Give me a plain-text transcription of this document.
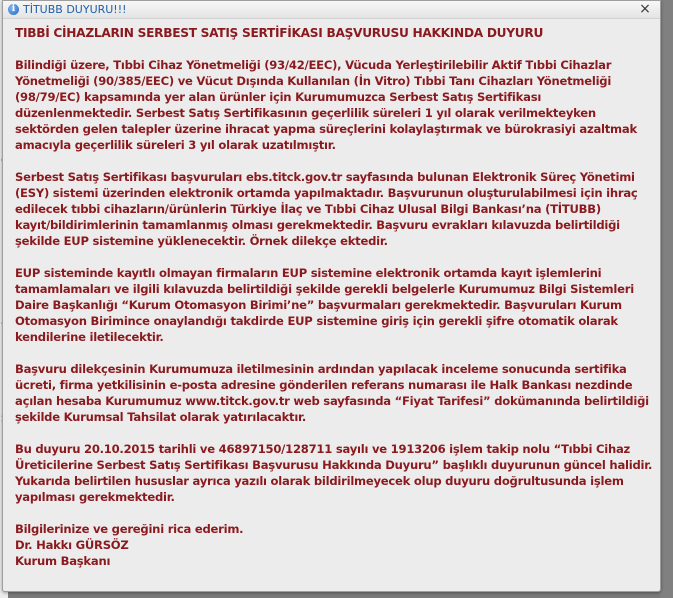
i TİTUBB DUYURU!!!	×

TIBBİ CİHAZLARIN SERBEST SATIŞ SERTİFİKASI BAŞVURUSU HAKKINDA DUYURU

Bilindiği üzere, Tıbbi Cihaz Yönetmeliği (93/42/EEC), Vücuda Yerleştirilebilir Aktif Tıbbi Cihazlar Yönetmeliği (90/385/EEC) ve Vücut Dışında Kullanılan (İn Vitro) Tıbbi Tanı Cihazları Yönetmeliği (98/79/EC) kapsamında yer alan ürünler için Kurumumuzca Serbest Satış Sertifikası düzenlenmektedir. Serbest Satış Sertifikasının geçerlilik süreleri 1 yıl olarak verilmekteyken sektörden gelen talepler üzerine ihracat yapma süreçlerini kolaylaştırmak ve bürokrasiyi azaltmak amacıyla geçerlilik süreleri 3 yıl olarak uzatılmıştır.

Serbest Satış Sertifikası başvuruları ebs.titck.gov.tr sayfasında bulunan Elektronik Süreç Yönetimi (ESY) sistemi üzerinden elektronik ortamda yapılmaktadır. Başvurunun oluşturulabilmesi için ihraç edilecek tıbbi cihazların/ürünlerin Türkiye İlaç ve Tıbbi Cihaz Ulusal Bilgi Bankası’na (TİTUBB) kayıt/bildirimlerinin tamamlanmış olması gerekmektedir. Başvuru evrakları kılavuzda belirtildiği şekilde EUP sistemine yüklenecektir. Örnek dilekçe ektedir.

EUP sisteminde kayıtlı olmayan firmaların EUP sistemine elektronik ortamda kayıt işlemlerini tamamlamaları ve ilgili kılavuzda belirtildiği şekilde gerekli belgelerle Kurumumuz Bilgi Sistemleri Daire Başkanlığı “Kurum Otomasyon Birimi’ne” başvurmaları gerekmektedir. Başvuruları Kurum Otomasyon Birimince onaylandığı takdirde EUP sistemine giriş için gerekli şifre otomatik olarak kendilerine iletilecektir.

Başvuru dilekçesinin Kurumumuza iletilmesinin ardından yapılacak inceleme sonucunda sertifika ücreti, firma yetkilisinin e-posta adresine gönderilen referans numarası ile Halk Bankası nezdinde açılan hesaba Kurumumuz www.titck.gov.tr web sayfasında “Fiyat Tarifesi” dokümanında belirtildiği şekilde Kurumsal Tahsilat olarak yatırılacaktır.

Bu duyuru 20.10.2015 tarihli ve 46897150/128711 sayılı ve 1913206 işlem takip nolu “Tıbbi Cihaz Üreticilerine Serbest Satış Sertifikası Başvurusu Hakkında Duyuru” başlıklı duyurunun güncel halidir. Yukarıda belirtilen hususlar ayrıca yazılı olarak bildirilmeyecek olup duyuru doğrultusunda işlem yapılması gerekmektedir.

Bilgilerinize ve gereğini rica ederim.

Dr. Hakkı GÜRSÖZ

Kurum Başkanı
